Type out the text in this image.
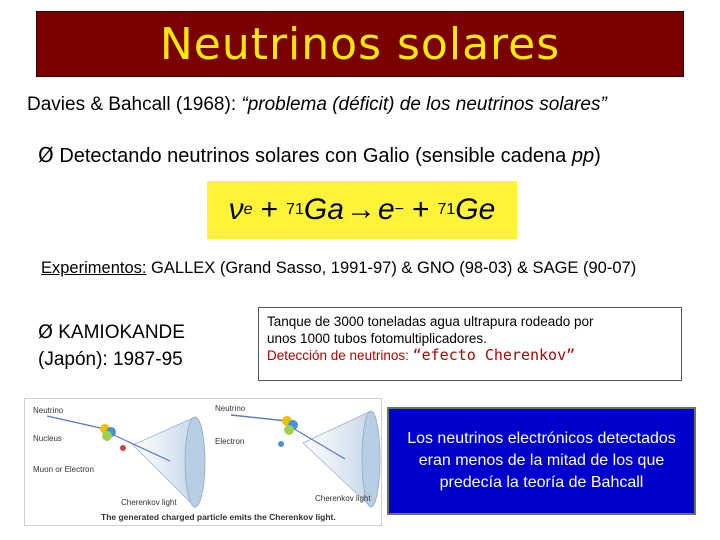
Neutrinos solares
Davies & Bahcall (1968): “problema (déficit) de los neutrinos solares”
Ø Detectando neutrinos solares con Galio (sensible cadena pp)
ν e + 71 Ga → e − + 71 Ge
Experimentos: GALLEX (Grand Sasso, 1991-97) & GNO (98-03) & SAGE (90-07)
Ø KAMIOKANDE
(Japón): 1987-95
Tanque de 3000 toneladas agua ultrapura rodeado por
unos 1000 tubos fotomultiplicadores.
Detección de neutrinos: “efecto Cherenkov”
Neutrino
Nucleus
Muon or Electron
Cherenkov light
Neutrino
Electron
Cherenkov light
The generated charged particle emits the Cherenkov light.
Los neutrinos electrónicos detectados eran menos de la mitad de los que predecía la teoría de Bahcall
